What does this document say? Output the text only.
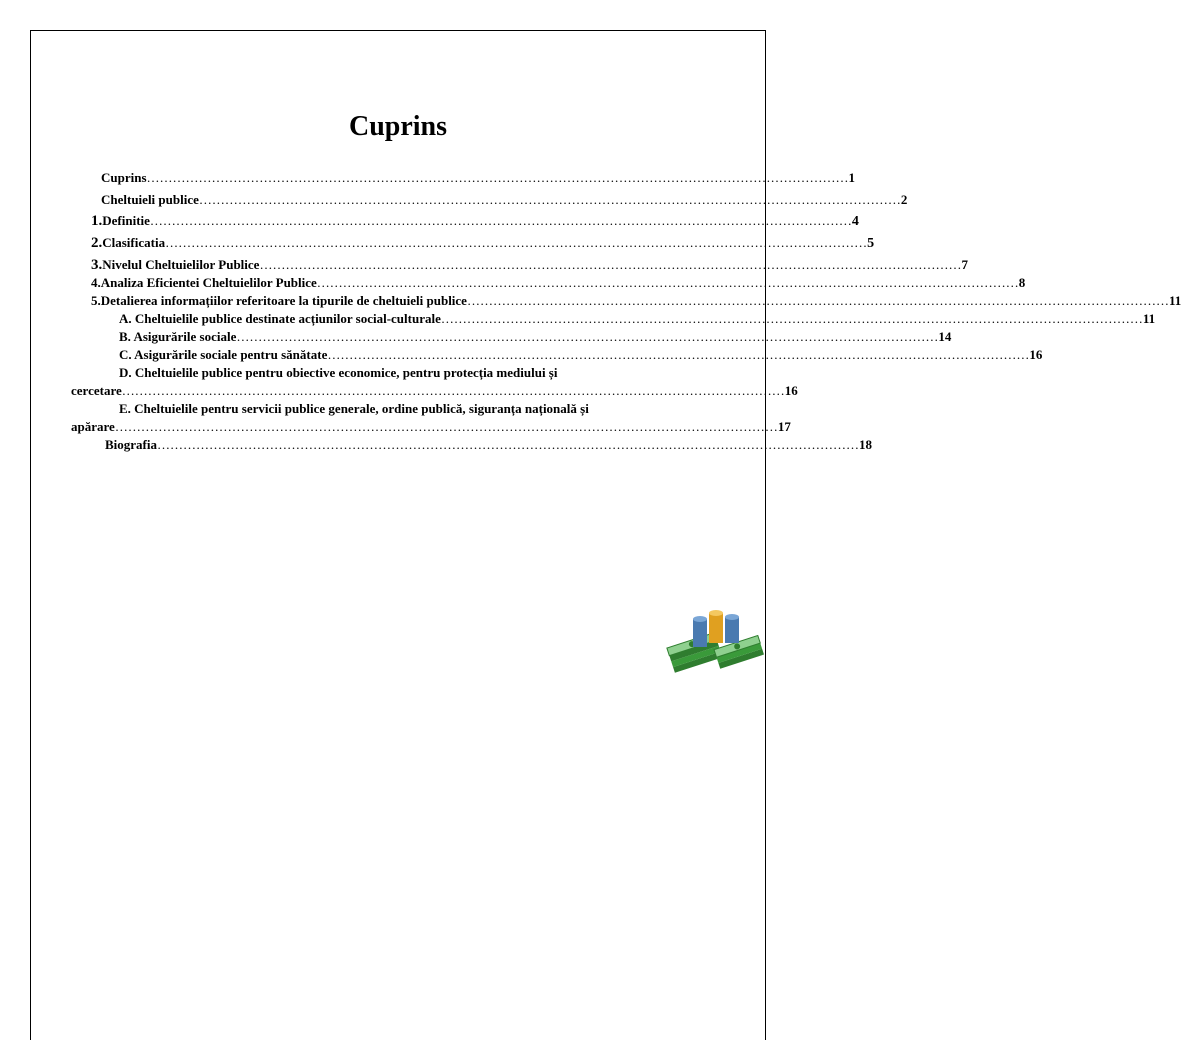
Cuprins
Cuprins ………………………………………………………………………………………………………………………………………………	1
Cheltuieli publice ………………………………………………………………………………………………………………………………………………	2
1. Definitie ………………………………………………………………………………………………………………………………………………	4
2. Clasificatia ………………………………………………………………………………………………………………………………………………	5
3. Nivelul Cheltuielilor Publice ………………………………………………………………………………………………………………………………………………	7
4.Analiza Eficientei Cheltuielilor Publice ………………………………………………………………………………………………………………………………………………	8
5.Detalierea informațiilor referitoare la tipurile de cheltuieli publice ………………………………………………………………………………………………………………………………………………	11
A. Cheltuielile publice destinate acțiunilor social-culturale ………………………………………………………………………………………………………………………………………………	11
B. Asigurările sociale ………………………………………………………………………………………………………………………………………………	14
C. Asigurările sociale pentru sănătate ………………………………………………………………………………………………………………………………………………	16
D. Cheltuielile publice pentru obiective economice, pentru protecția mediului și
cercetare ……………………………………………………………………………………………………………………………………… 16
E. Cheltuielile pentru servicii publice generale, ordine publică, siguranța națională și
apărare ……………………………………………………………………………………………………………………………………… 17
Biografia ………………………………………………………………………………………………………………………………………………	18
